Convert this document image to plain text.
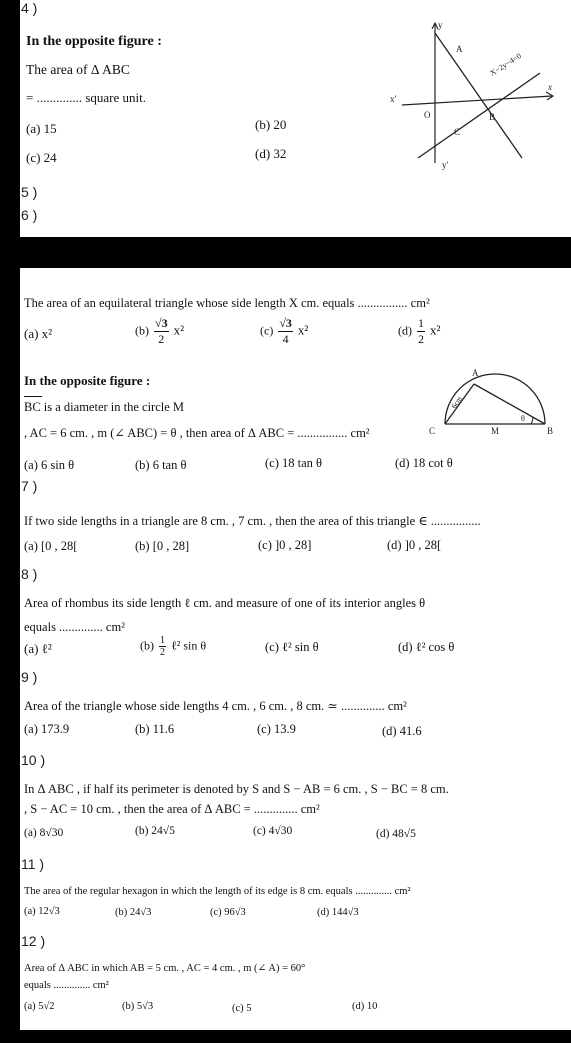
4 )
In the opposite figure :
The area of Δ ABC
= .............. square unit.
(a) 15	(b) 20
(c) 24	(d) 32
x′
y
x
y′
A
B
C
O
X−2y−4=0
5 )
6 )
The area of an equilateral triangle whose side length X cm. equals ................ cm²
(a) x²	$(b) \frac{√3}{2} x^2$	$(c) \frac{√3}{4} x^2$	$(d) \frac{1}{2} x^2$
In the opposite figure :
BC is a diameter in the circle M
, AC = 6 cm. , m (∠ ABC) = θ , then area of Δ ABC = ................ cm²
(a) 6 sin θ	(b) 6 tan θ	(c) 18 tan θ	(d) 18 cot θ
A
C	M	B
6cm
θ
7 )
If two side lengths in a triangle are 8 cm. , 7 cm. , then the area of this triangle ∈ ................
(a) [0 , 28[	(b) [0 , 28]	(c) ]0 , 28]	(d) ]0 , 28[
8 )
Area of rhombus its side length ℓ cm. and measure of one of its interior angles θ
equals .............. cm²
(a) ℓ²	$(b) \frac{1}{2}$ ℓ² sin θ	(c) ℓ² sin θ	(d) ℓ² cos θ
9 )
Area of the triangle whose side lengths 4 cm. , 6 cm. , 8 cm. ≃ .............. cm²
(a) 173.9	(b) 11.6	(c) 13.9	(d) 41.6
10 )
In Δ ABC , if half its perimeter is denoted by S and S − AB = 6 cm. , S − BC = 8 cm.
, S − AC = 10 cm. , then the area of Δ ABC = .............. cm²
(a) 8√30	(b) 24√5	(c) 4√30	(d) 48√5
11 )
The area of the regular hexagon in which the length of its edge is 8 cm. equals .............. cm²
(a) 12√3	(b) 24√3	(c) 96√3	(d) 144√3
12 )
Area of Δ ABC in which AB = 5 cm. , AC = 4 cm. , m (∠ A) = 60°
equals .............. cm²
(a) 5√2	(b) 5√3	(c) 5	(d) 10
